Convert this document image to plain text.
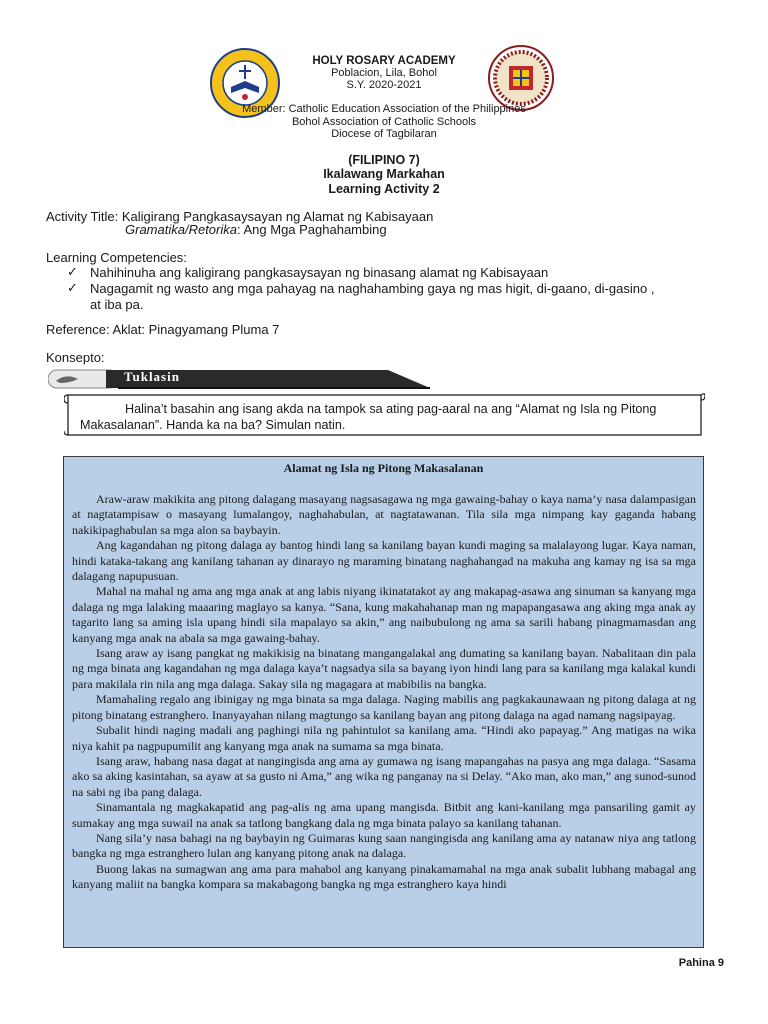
HOLY ROSARY ACADEMY
Poblacion, Lila, Bohol
S.Y. 2020-2021
Member: Catholic Education Association of the Philippines
Bohol Association of Catholic Schools
Diocese of Tagbilaran
(FILIPINO 7)
Ikalawang Markahan
Learning Activity 2
Activity Title: Kaligirang Pangkasaysayan ng Alamat ng Kabisayaan
Gramatika/Retorika: Ang Mga Paghahambing
Learning Competencies:
✓ Nahihinuha ang kaligirang pangkasaysayan ng binasang alamat ng Kabisayaan
✓ Nagagamit ng wasto ang mga pahayag na naghahambing gaya ng mas higit, di-gaano, di-gasino ,
at iba pa.
Reference: Aklat: Pinagyamang Pluma 7
Konsepto:
Tuklasin
Halina’t basahin ang isang akda na tampok sa ating pag-aaral na ang “Alamat ng Isla ng Pitong
Makasalanan”. Handa ka na ba? Simulan natin.
Alamat ng Isla ng Pitong Makasalanan

Araw-araw makikita ang pitong dalagang masayang nagsasagawa ng mga gawaing-bahay o kaya nama’y nasa dalampasigan at nagtatampisaw o masayang lumalangoy, naghahabulan, at nagtatawanan. Tila sila mga nimpang kay gaganda habang nakikipaghabulan sa mga alon sa baybayin.

Ang kagandahan ng pitong dalaga ay bantog hindi lang sa kanilang bayan kundi maging sa malalayong lugar. Kaya naman, hindi kataka-takang ang kanilang tahanan ay dinarayo ng maraming binatang naghahangad na makuha ang kamay ng isa sa mga dalagang napupusuan.

Mahal na mahal ng ama ang mga anak at ang labis niyang ikinatatakot ay ang makapag-asawa ang sinuman sa kanyang mga dalaga ng mga lalaking maaaring maglayo sa kanya. “Sana, kung makahahanap man ng mapapangasawa ang aking mga anak ay tagarito lang sa aming isla upang hindi sila mapalayo sa akin,” ang naibubulong ng ama sa sarili habang pinagmamasdan ang kanyang mga anak na abala sa mga gawaing-bahay.

Isang araw ay isang pangkat ng makikisig na binatang mangangalakal ang dumating sa kanilang bayan. Nabalitaan din pala ng mga binata ang kagandahan ng mga dalaga kaya’t nagsadya sila sa bayang iyon hindi lang para sa kanilang mga kalakal kundi para makilala rin nila ang mga dalaga. Sakay sila ng magagara at mabibilis na bangka.

Mamahaling regalo ang ibinigay ng mga binata sa mga dalaga. Naging mabilis ang pagkakaunawaan ng pitong dalaga at ng pitong binatang estranghero. Inanyayahan nilang magtungo sa kanilang bayan ang pitong dalaga na agad namang nagsipayag.

Subalit hindi naging madali ang paghingi nila ng pahintulot sa kanilang ama. “Hindi ako papayag.” Ang matigas na wika niya kahit pa nagpupumilit ang kanyang mga anak na sumama sa mga binata.

Isang araw, habang nasa dagat at nangingisda ang ama ay gumawa ng isang mapangahas na pasya ang mga dalaga. “Sasama ako sa aking kasintahan, sa ayaw at sa gusto ni Ama,” ang wika ng panganay na si Delay. “Ako man, ako man,” ang sunod-sunod na sabi ng iba pang dalaga.

Sinamantala ng magkakapatid ang pag-alis ng ama upang mangisda. Bitbit ang kani-kanilang mga pansariling gamit ay sumakay ang mga suwail na anak sa tatlong bangkang dala ng mga binata palayo sa kanilang tahanan.

Nang sila’y nasa bahagi na ng baybayin ng Guimaras kung saan nangingisda ang kanilang ama ay natanaw niya ang tatlong bangka ng mga estranghero lulan ang kanyang pitong anak na dalaga.

Buong lakas na sumagwan ang ama para mahabol ang kanyang pinakamamahal na mga anak subalit lubhang mabagal ang kanyang maliit na bangka kompara sa makabagong bangka ng mga estranghero kaya hindi

Pahina 9
